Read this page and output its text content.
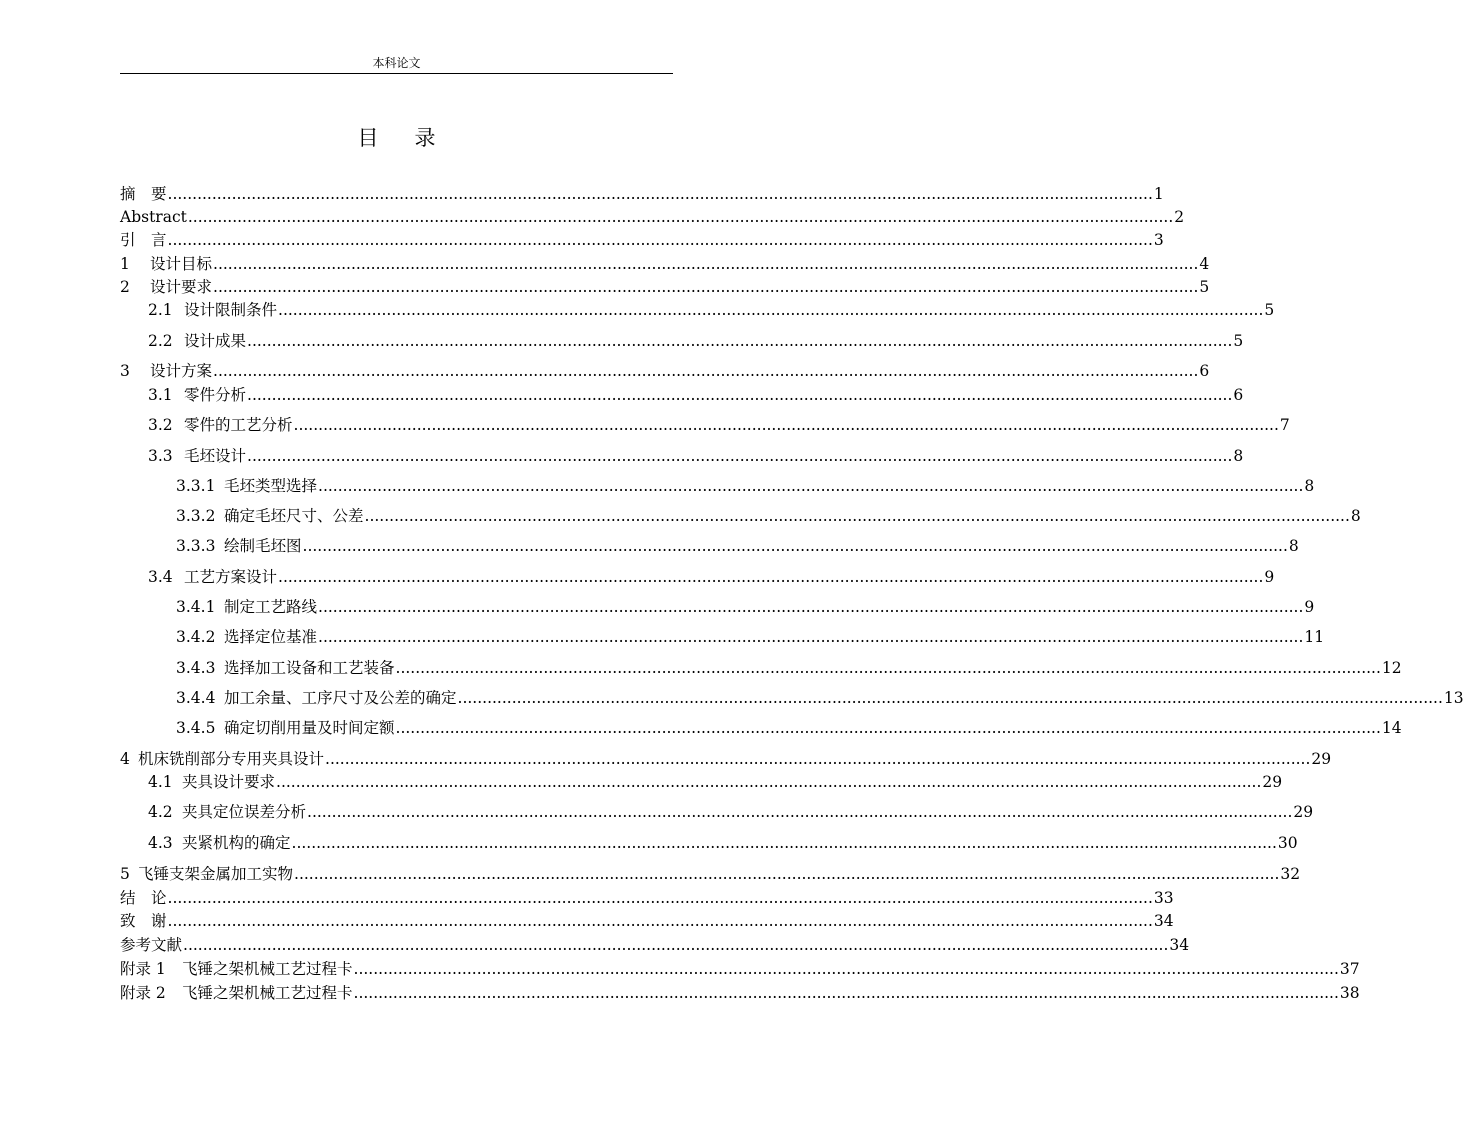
本科论文
目 录
摘　要 ........................................................................................................................................................................................................ 1
Abstract ........................................................................................................................................................................................................ 2
引　言 ........................................................................................................................................................................................................ 3
1	设计目标 ........................................................................................................................................................................................................ 4
2	设计要求 ........................................................................................................................................................................................................ 5
2.1 设计限制条件 ........................................................................................................................................................................................................ 5
2.2 设计成果 ........................................................................................................................................................................................................ 5
3	设计方案 ........................................................................................................................................................................................................ 6
3.1 零件分析 ........................................................................................................................................................................................................ 6
3.2 零件的工艺分析 ........................................................................................................................................................................................................ 7
3.3 毛坯设计 ........................................................................................................................................................................................................ 8
3.3.1 毛坯类型选择 ........................................................................................................................................................................................................ 8
3.3.2 确定毛坯尺寸、公差 ........................................................................................................................................................................................................ 8
3.3.3 绘制毛坯图 ........................................................................................................................................................................................................ 8
3.4 工艺方案设计 ........................................................................................................................................................................................................ 9
3.4.1 制定工艺路线 ........................................................................................................................................................................................................ 9
3.4.2 选择定位基准 ........................................................................................................................................................................................................ 11
3.4.3 选择加工设备和工艺装备 ........................................................................................................................................................................................................ 12
3.4.4 加工余量、工序尺寸及公差的确定 ........................................................................................................................................................................................................ 13
3.4.5 确定切削用量及时间定额 ........................................................................................................................................................................................................ 14
4 机床铣削部分专用夹具设计 ........................................................................................................................................................................................................ 29
4.1 夹具设计要求 ........................................................................................................................................................................................................ 29
4.2 夹具定位误差分析 ........................................................................................................................................................................................................ 29
4.3 夹紧机构的确定 ........................................................................................................................................................................................................ 30
5 飞锤支架金属加工实物 ........................................................................................................................................................................................................ 32
结　论 ........................................................................................................................................................................................................ 33
致　谢 ........................................................................................................................................................................................................ 34
参考文献 ........................................................................................................................................................................................................ 34
附录 1	飞锤之架机械工艺过程卡 ........................................................................................................................................................................................................ 37
附录 2	飞锤之架机械工艺过程卡 ........................................................................................................................................................................................................ 38
